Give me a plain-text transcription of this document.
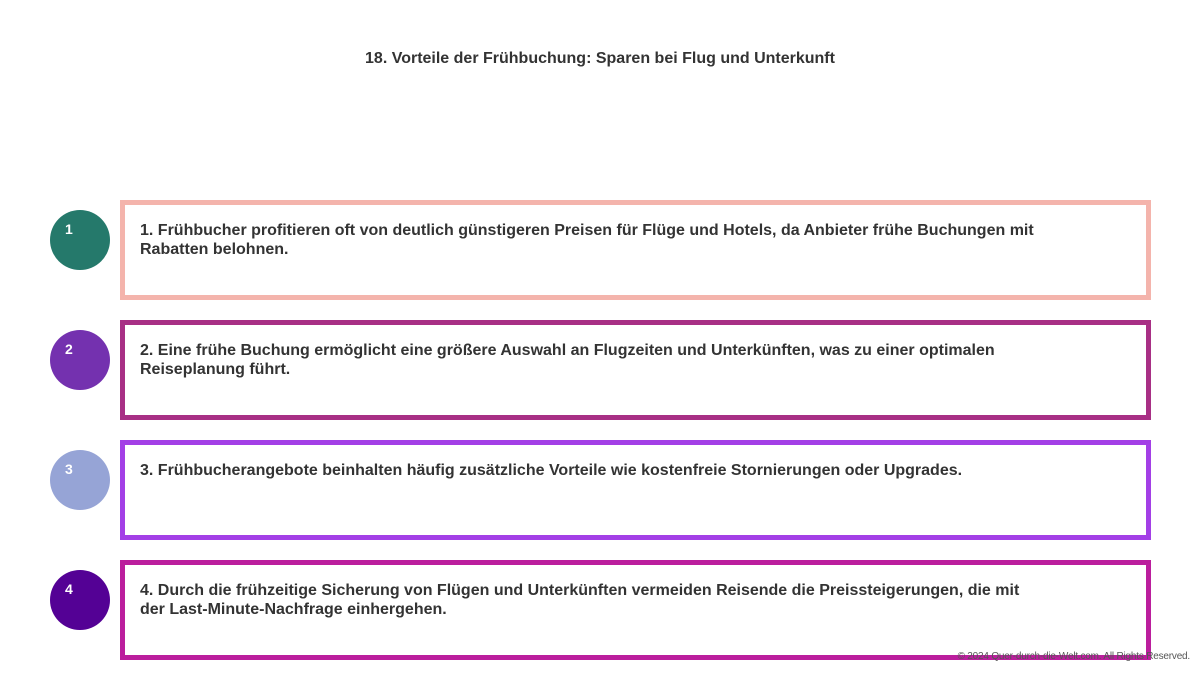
18. Vorteile der Frühbuchung: Sparen bei Flug und Unterkunft
1	1. Frühbucher profitieren oft von deutlich günstigeren Preisen für Flüge und Hotels, da Anbieter frühe Buchungen mit Rabatten belohnen.
2	2. Eine frühe Buchung ermöglicht eine größere Auswahl an Flugzeiten und Unterkünften, was zu einer optimalen Reiseplanung führt.
3	3. Frühbucherangebote beinhalten häufig zusätzliche Vorteile wie kostenfreie Stornierungen oder Upgrades.
4	4. Durch die frühzeitige Sicherung von Flügen und Unterkünften vermeiden Reisende die Preissteigerungen, die mit der Last-Minute-Nachfrage einhergehen.
© 2024 Quer-durch-die-Welt.com. All Rights Reserved.
